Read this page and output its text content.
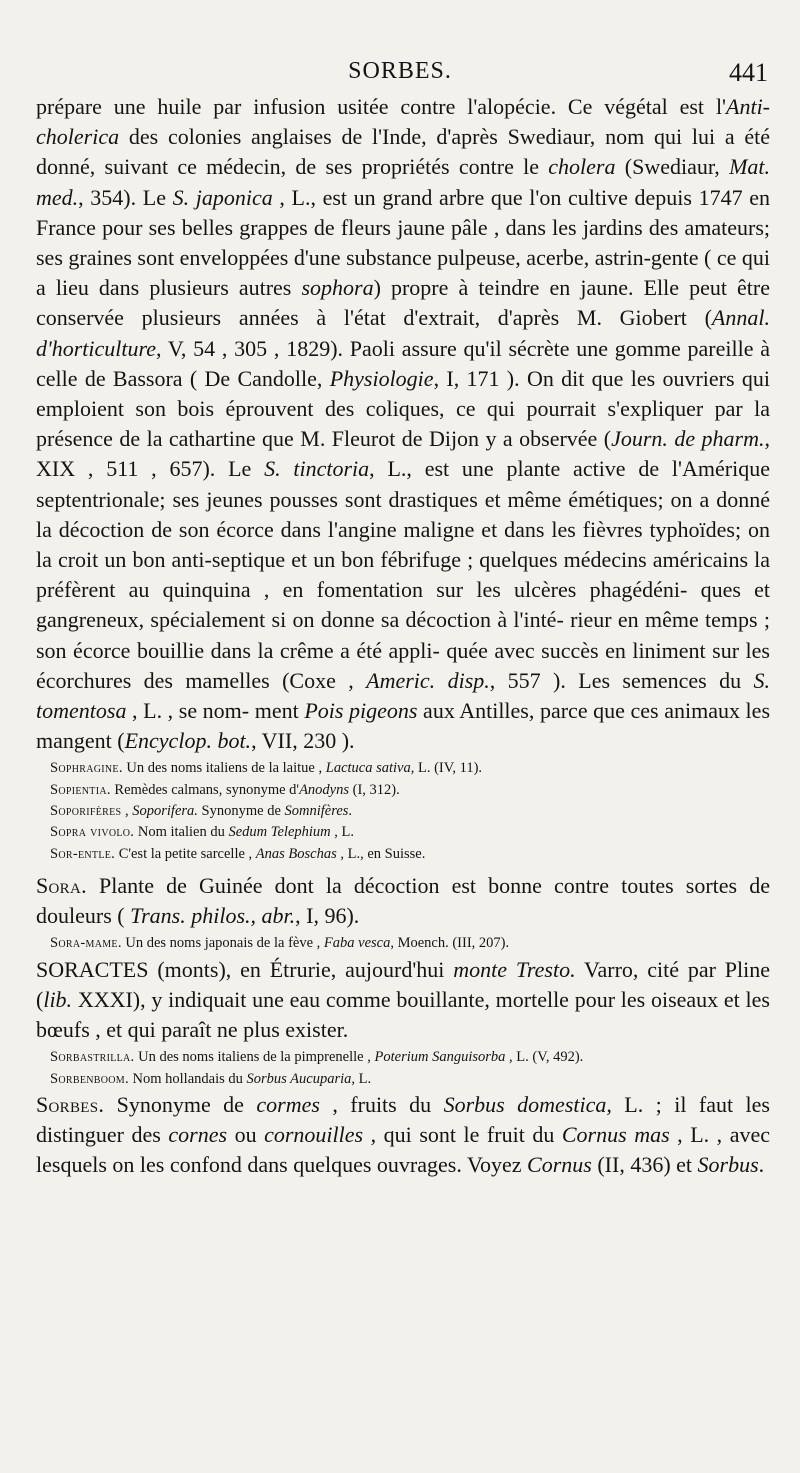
SORBES.	441

prépare une huile par infusion usitée contre l'alopécie. Ce végétal est l'Anti-cholerica des colonies anglaises de l'Inde, d'après Swediaur, nom qui lui a été donné, suivant ce médecin, de ses propriétés contre le cholera (Swediaur, Mat. med., 354). Le S. japonica , L., est un grand arbre que l'on cultive depuis 1747 en France pour ses belles grappes de fleurs jaune pâle , dans les jardins des amateurs; ses graines sont enveloppées d'une substance pulpeuse, acerbe, astrin-gente ( ce qui a lieu dans plusieurs autres sophora) propre à teindre en jaune. Elle peut être conservée plusieurs années à l'état d'extrait, d'après M. Giobert (Annal. d'horticulture, V, 54 , 305 , 1829). Paoli assure qu'il sécrète une gomme pareille à celle de Bassora ( De Candolle, Physiologie, I, 171 ). On dit que les ouvriers qui emploient son bois éprouvent des coliques, ce qui pourrait s'expliquer par la présence de la cathartine que M. Fleurot de Dijon y a observée (Journ. de pharm., XIX , 511 , 657). Le S. tinctoria, L., est une plante active de l'Amérique septentrionale; ses jeunes pousses sont drastiques et même émétiques; on a donné la décoction de son écorce dans l'angine maligne et dans les fièvres typhoïdes; on la croit un bon anti-septique et un bon fébrifuge ; quelques médecins américains la préfèrent au quinquina , en fomentation sur les ulcères phagédéni- ques et gangreneux, spécialement si on donne sa décoction à l'inté- rieur en même temps ; son écorce bouillie dans la crême a été appli- quée avec succès en liniment sur les écorchures des mamelles (Coxe , Americ. disp., 557 ). Les semences du S. tomentosa , L. , se nom- ment Pois pigeons aux Antilles, parce que ces animaux les mangent (Encyclop. bot., VII, 230 ).

Sophragine. Un des noms italiens de la laitue , Lactuca sativa, L. (IV, 11).

Sopientia. Remèdes calmans, synonyme d'Anodyns (I, 312).

Soporifères , Soporifera. Synonyme de Somnifères.

Sopra vivolo. Nom italien du Sedum Telephium , L.

Sor-entle. C'est la petite sarcelle , Anas Boschas , L., en Suisse.

Sora. Plante de Guinée dont la décoction est bonne contre toutes sortes de douleurs ( Trans. philos., abr., I, 96).

Sora-mame. Un des noms japonais de la fève , Faba vesca, Moench. (III, 207).

SORACTES (monts), en Étrurie, aujourd'hui monte Tresto. Varro, cité par Pline (lib. XXXI), y indiquait une eau comme bouillante, mortelle pour les oiseaux et les bœufs , et qui paraît ne plus exister.

Sorbastrilla. Un des noms italiens de la pimprenelle , Poterium Sanguisorba , L. (V, 492).

Sorbenboom. Nom hollandais du Sorbus Aucuparia, L.

Sorbes. Synonyme de cormes , fruits du Sorbus domestica, L. ; il faut les distinguer des cornes ou cornouilles , qui sont le fruit du Cornus mas , L. , avec lesquels on les confond dans quelques ouvrages. Voyez Cornus (II, 436) et Sorbus.
